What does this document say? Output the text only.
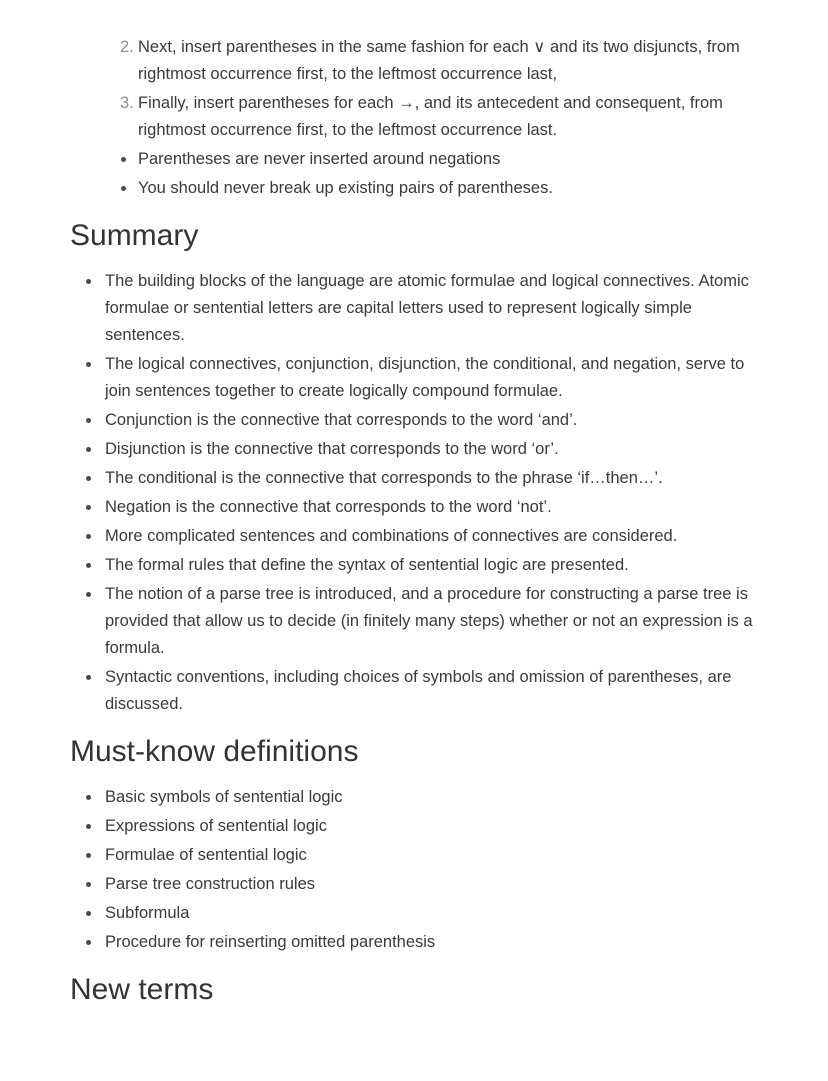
2. Next, insert parentheses in the same fashion for each ∨ and its two disjuncts, from rightmost occurrence first, to the leftmost occurrence last,
3. Finally, insert parentheses for each →, and its antecedent and consequent, from rightmost occurrence first, to the leftmost occurrence last.
Parentheses are never inserted around negations
You should never break up existing pairs of parentheses.
Summary
The building blocks of the language are atomic formulae and logical connectives. Atomic formulae or sentential letters are capital letters used to represent logically simple sentences.
The logical connectives, conjunction, disjunction, the conditional, and negation, serve to join sentences together to create logically compound formulae.
Conjunction is the connective that corresponds to the word ‘and’.
Disjunction is the connective that corresponds to the word ‘or’.
The conditional is the connective that corresponds to the phrase ‘if…then…’.
Negation is the connective that corresponds to the word ‘not’.
More complicated sentences and combinations of connectives are considered.
The formal rules that define the syntax of sentential logic are presented.
The notion of a parse tree is introduced, and a procedure for constructing a parse tree is provided that allow us to decide (in finitely many steps) whether or not an expression is a formula.
Syntactic conventions, including choices of symbols and omission of parentheses, are discussed.
Must-know definitions
Basic symbols of sentential logic
Expressions of sentential logic
Formulae of sentential logic
Parse tree construction rules
Subformula
Procedure for reinserting omitted parenthesis
New terms
